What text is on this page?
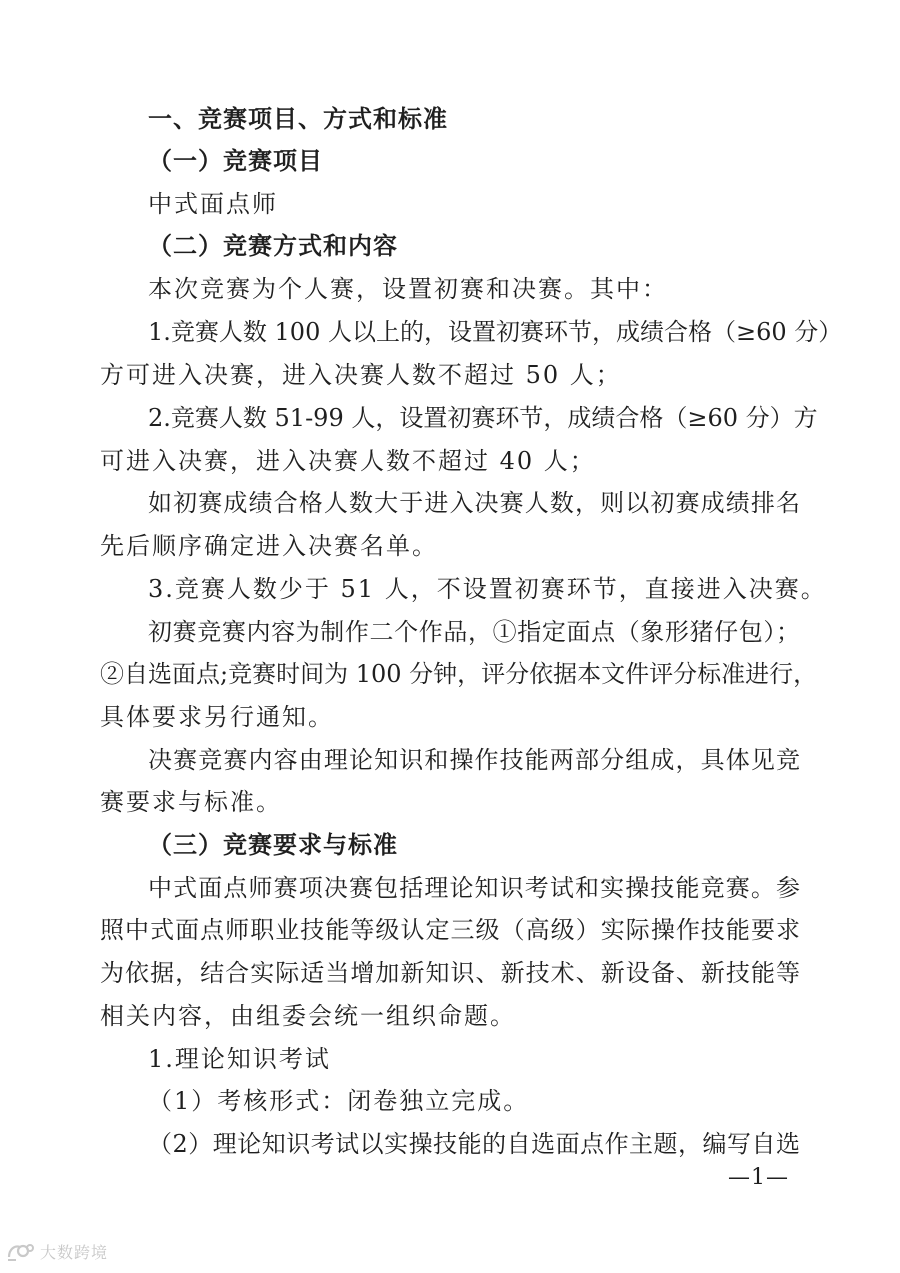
一、竞赛项目、方式和标准
（一）竞赛项目
中式面点师
（二）竞赛方式和内容
本次竞赛为个人赛，设置初赛和决赛。其中：
1.竞赛人数 100 人以上的，设置初赛环节，成绩合格（≥60 分）
方可进入决赛，进入决赛人数不超过 50 人；
2.竞赛人数 51-99 人，设置初赛环节，成绩合格（≥60 分）方
可进入决赛，进入决赛人数不超过 40 人；
如初赛成绩合格人数大于进入决赛人数，则以初赛成绩排名
先后顺序确定进入决赛名单。
3.竞赛人数少于 51 人，不设置初赛环节，直接进入决赛。
初赛竞赛内容为制作二个作品，①指定面点（象形猪仔包）；
②自选面点;竞赛时间为 100 分钟，评分依据本文件评分标准进行，
具体要求另行通知。
决赛竞赛内容由理论知识和操作技能两部分组成，具体见竞
赛要求与标准。
（三）竞赛要求与标准
中式面点师赛项决赛包括理论知识考试和实操技能竞赛。参
照中式面点师职业技能等级认定三级（高级）实际操作技能要求
为依据，结合实际适当增加新知识、新技术、新设备、新技能等
相关内容，由组委会统一组织命题。
1.理论知识考试
（1）考核形式：闭卷独立完成。
（2）理论知识考试以实操技能的自选面点作主题，编写自选
—1—
大数跨境
